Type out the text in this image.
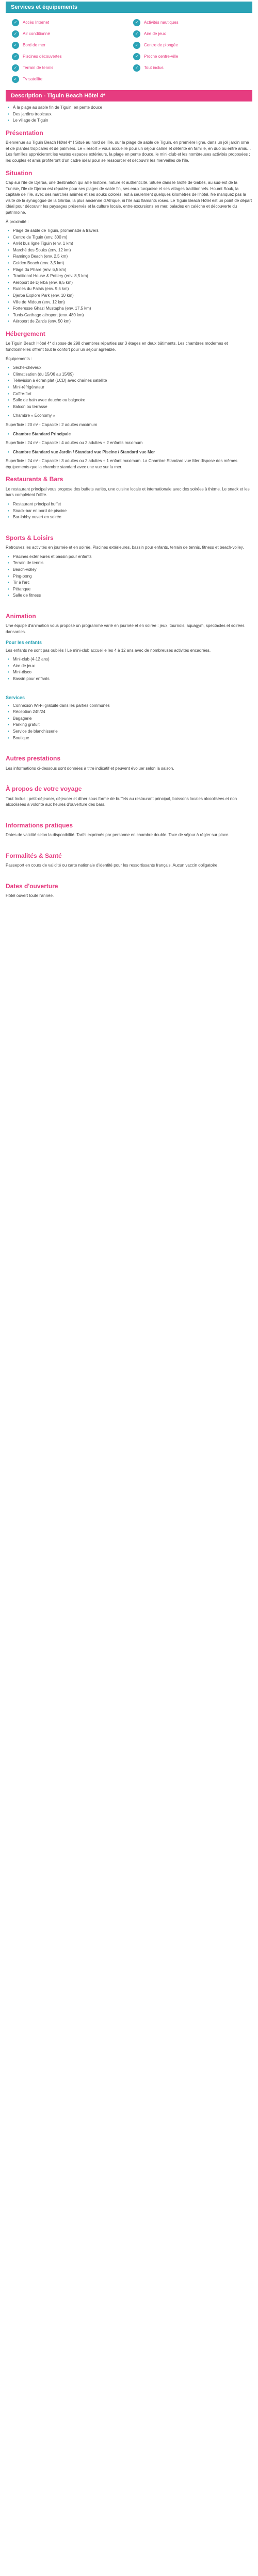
Services et équipements
✓	Accès Internet	✓	Activités nautiques
✓	Air conditionné	✓	Aire de jeux
✓	Bord de mer	✓	Centre de plongée
✓	Piscines découvertes	✓	Proche centre-ville
✓	Terrain de tennis	✓	Tout inclus
✓	Tv satellite
Description - Tiguin Beach Hôtel 4*
• À la plage au sable fin de Tiguin, en pente douce
• Des jardins tropicaux
• Le village de Tiguin
Présentation

Bienvenue au Tiguin Beach Hôtel 4* ! Situé au nord de l'île, sur la plage de sable de Tiguin, en première ligne, dans un joli jardin orné et de plantes tropicales et de palmiers. Le « resort » vous accueille pour un séjour calme et détente en famille, en duo ou entre amis… Les familles apprécieront les vastes espaces extérieurs, la plage en pente douce, le mini-club et les nombreuses activités proposées ; les couples et amis profiteront d'un cadre idéal pour se ressourcer et découvrir les merveilles de l'île.

Situation

Cap sur l'île de Djerba, une destination qui allie histoire, nature et authenticité. Située dans le Golfe de Gabès, au sud-est de la Tunisie, l'île de Djerba est réputée pour ses plages de sable fin, ses eaux turquoise et ses villages traditionnels. Houmt Souk, la capitale de l'île, avec ses marchés animés et ses souks colorés, est à seulement quelques kilomètres de l'hôtel. Ne manquez pas la visite de la synagogue de la Ghriba, la plus ancienne d'Afrique, ni l'île aux flamants roses. Le Tiguin Beach Hôtel est un point de départ idéal pour découvrir les paysages préservés et la culture locale, entre excursions en mer, balades en calèche et découverte du patrimoine.

À proximité :

• Plage de sable de Tiguin, promenade à travers
• Centre de Tiguin (env. 300 m)
• Arrêt bus ligne Tiguin (env. 1 km)
• Marché des Souks (env. 12 km)
• Flamingo Beach (env. 2,5 km)
• Golden Beach (env. 3,5 km)
• Plage du Phare (env. 6,5 km)
• Traditional House & Pottery (env. 8,5 km)
• Aéroport de Djerba (env. 9,5 km)
• Ruines du Palais (env. 9,5 km)
• Djerba Explore Park (env. 10 km)
• Ville de Midoun (env. 12 km)
• Forteresse Ghazi Mustapha (env. 17,5 km)
• Tunis-Carthage aéroport (env. 480 km)
• Aéroport de Zarzis (env. 50 km)
Hébergement

Le Tiguin Beach Hôtel 4* dispose de 298 chambres réparties sur 3 étages en deux bâtiments. Les chambres modernes et fonctionnelles offrent tout le confort pour un séjour agréable.

Équipements :

• Sèche-cheveux
• Climatisation (du 15/06 au 15/09)
• Télévision à écran plat (LCD) avec chaînes satellite
• Mini-réfrigérateur
• Coffre-fort
• Salle de bain avec douche ou baignoire
• Balcon ou terrasse
• Chambre « Économy »

Superficie : 20 m² - Capacité : 2 adultes maximum

• Chambre Standard Principale

Superficie : 24 m² - Capacité : 4 adultes ou 2 adultes + 2 enfants maximum

• Chambre Standard vue Jardin / Standard vue Piscine / Standard vue Mer

Superficie : 24 m² - Capacité : 3 adultes ou 2 adultes + 1 enfant maximum. La Chambre Standard vue Mer dispose des mêmes équipements que la chambre standard avec une vue sur la mer.

Restaurants & Bars

Le restaurant principal vous propose des buffets variés, une cuisine locale et internationale avec des soirées à thème. Le snack et les bars complètent l'offre.

• Restaurant principal buffet
• Snack-bar en bord de piscine
• Bar-lobby ouvert en soirée
Sports & Loisirs

Retrouvez les activités en journée et en soirée. Piscines extérieures, bassin pour enfants, terrain de tennis, fitness et beach-volley.

• Piscines extérieures et bassin pour enfants
• Terrain de tennis
• Beach-volley
• Ping-pong
• Tir à l'arc
• Pétanque
• Salle de fitness
Animation

Une équipe d'animation vous propose un programme varié en journée et en soirée : jeux, tournois, aquagym, spectacles et soirées dansantes.

Pour les enfants

Les enfants ne sont pas oubliés ! Le mini-club accueille les 4 à 12 ans avec de nombreuses activités encadrées.

• Mini-club (4-12 ans)
• Aire de jeux
• Mini-disco
• Bassin pour enfants
Services
• Connexion Wi-Fi gratuite dans les parties communes
• Réception 24h/24
• Bagagerie
• Parking gratuit
• Service de blanchisserie
• Boutique
Autres prestations

Les informations ci-dessous sont données à titre indicatif et peuvent évoluer selon la saison.

À propos de votre voyage

Tout Inclus : petit-déjeuner, déjeuner et dîner sous forme de buffets au restaurant principal, boissons locales alcoolisées et non alcoolisées à volonté aux heures d'ouverture des bars.

Informations pratiques

Dates de validité selon la disponibilité. Tarifs exprimés par personne en chambre double. Taxe de séjour à régler sur place.

Formalités & Santé

Passeport en cours de validité ou carte nationale d'identité pour les ressortissants français. Aucun vaccin obligatoire.

Dates d'ouverture

Hôtel ouvert toute l'année.
